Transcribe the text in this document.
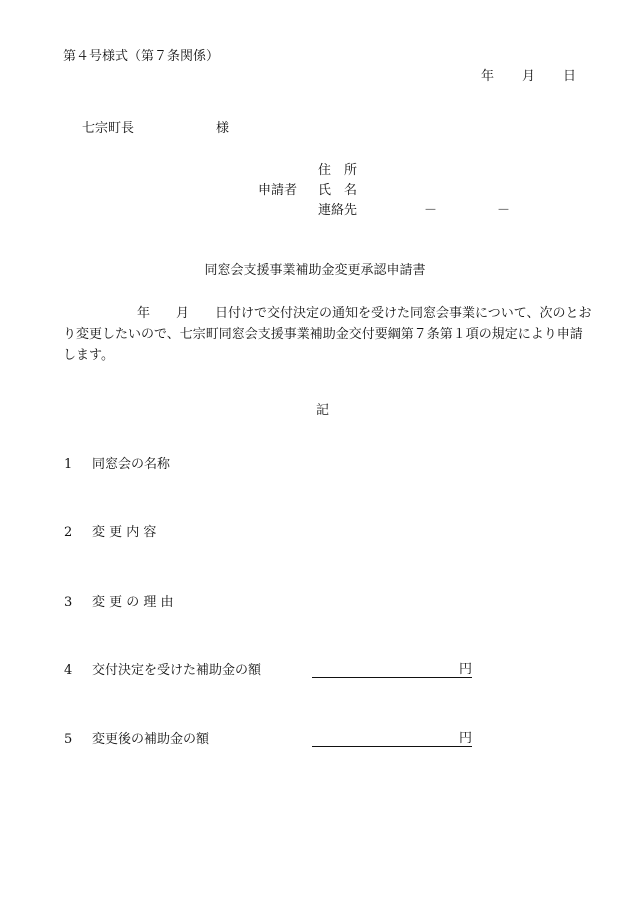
第４号様式（第７条関係）
年 月 日
七宗町長	様
住　所
申請者 氏　名
連絡先	－	－
同窓会支援事業補助金変更承認申請書
年 月 日付けで交付決定の通知を受けた同窓会事業について、次のとおり変更したいので、七宗町同窓会支援事業補助金交付要綱第７条第１項の規定により申請します。
記
1 同窓会の名称
2 変 更 内 容
3 変 更 の 理 由
4 交付決定を受けた補助金の額	円
5 変更後の補助金の額	円
